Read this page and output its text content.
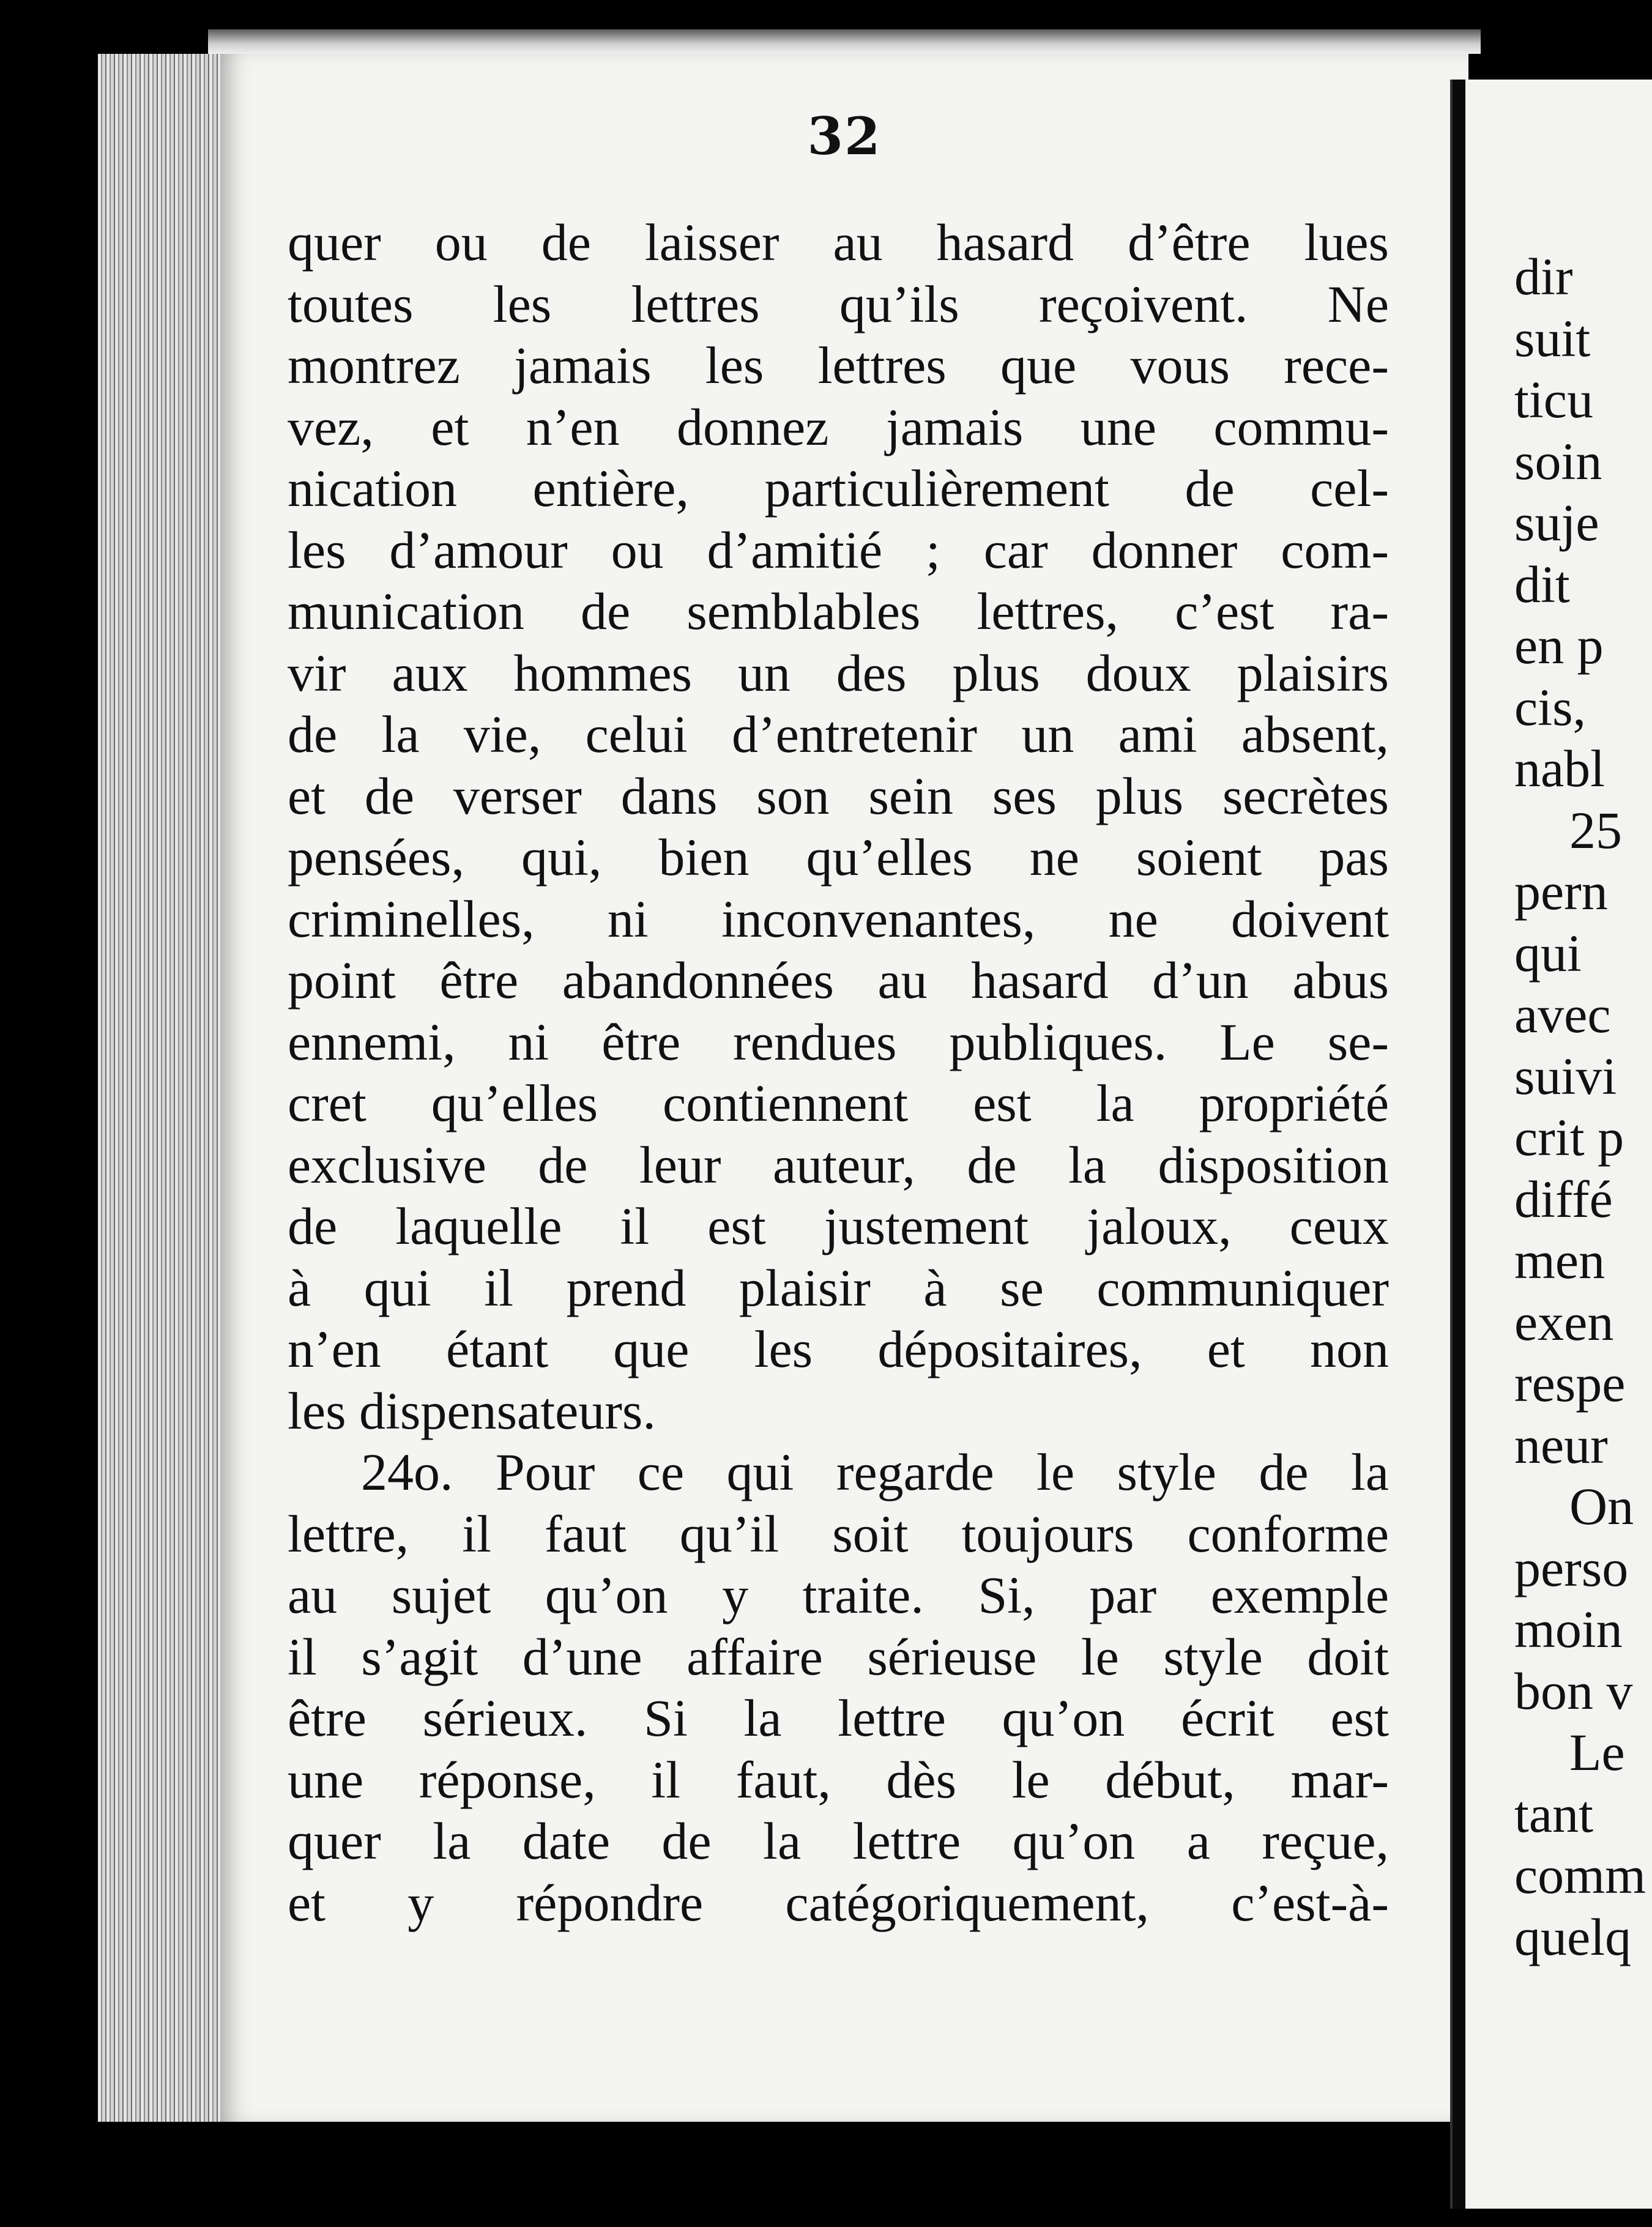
32
quer ou de laisser au hasard d’être lues
toutes les lettres qu’ils reçoivent. Ne
montrez jamais les lettres que vous rece-
vez, et n’en donnez jamais une commu-
nication entière, particulièrement de cel-
les d’amour ou d’amitié ; car donner com-
munication de semblables lettres, c’est ra-
vir aux hommes un des plus doux plaisirs
de la vie, celui d’entretenir un ami absent,
et de verser dans son sein ses plus secrètes
pensées, qui, bien qu’elles ne soient pas
criminelles, ni inconvenantes, ne doivent
point être abandonnées au hasard d’un abus
ennemi, ni être rendues publiques. Le se-
cret qu’elles contiennent est la propriété
exclusive de leur auteur, de la disposition
de laquelle il est justement jaloux, ceux
à qui il prend plaisir à se communiquer
n’en étant que les dépositaires, et non
les dispensateurs.
24o. Pour ce qui regarde le style de la
lettre, il faut qu’il soit toujours conforme
au sujet qu’on y traite. Si, par exemple
il s’agit d’une affaire sérieuse le style doit
être sérieux. Si la lettre qu’on écrit est
une réponse, il faut, dès le début, mar-
quer la date de la lettre qu’on a reçue,
et y répondre catégoriquement, c’est-à-
dir
suit
ticu
soin
suje
dit
en p
cis,
nabl
25
pern
qui
avec
suivi
crit p
diffé
men
exen
respe
neur
On
perso
moin
bon v
Le
tant
comm
quelq
